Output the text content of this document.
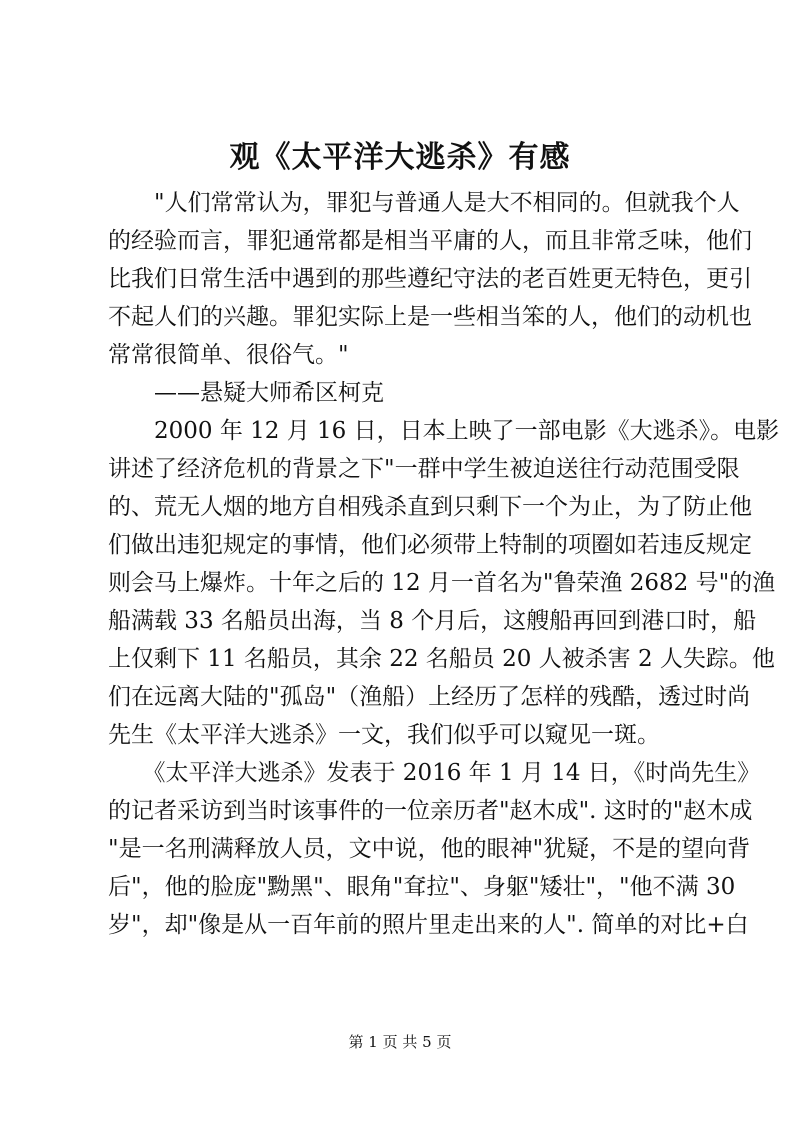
观《太平洋大逃杀》有感
　　"人们常常认为，罪犯与普通人是大不相同的。但就我个人
的经验而言，罪犯通常都是相当平庸的人，而且非常乏味，他们
比我们日常生活中遇到的那些遵纪守法的老百姓更无特色，更引
不起人们的兴趣。罪犯实际上是一些相当笨的人，他们的动机也
常常很简单、很俗气。"
　　——悬疑大师希区柯克
　　2000 年 12 月 16 日，日本上映了一部电影《大逃杀》。电影
讲述了经济危机的背景之下"一群中学生被迫送往行动范围受限
的、荒无人烟的地方自相残杀直到只剩下一个为止，为了防止他
们做出违犯规定的事情，他们必须带上特制的项圈如若违反规定
则会马上爆炸。十年之后的 12 月一首名为"鲁荣渔 2682 号"的渔
船满载 33 名船员出海，当 8 个月后，这艘船再回到港口时，船
上仅剩下 11 名船员，其余 22 名船员 20 人被杀害 2 人失踪。他
们在远离大陆的"孤岛"（渔船）上经历了怎样的残酷，透过时尚
先生《太平洋大逃杀》一文，我们似乎可以窥见一斑。
　　《太平洋大逃杀》发表于 2016 年 1 月 14 日，《时尚先生》
的记者采访到当时该事件的一位亲历者"赵木成". 这时的"赵木成
"是一名刑满释放人员，文中说，他的眼神"犹疑，不是的望向背
后"，他的脸庞"黝黑"、眼角"耷拉"、身躯"矮壮"，"他不满 30
岁"，却"像是从一百年前的照片里走出来的人". 简单的对比+白
第 1 页 共 5 页
